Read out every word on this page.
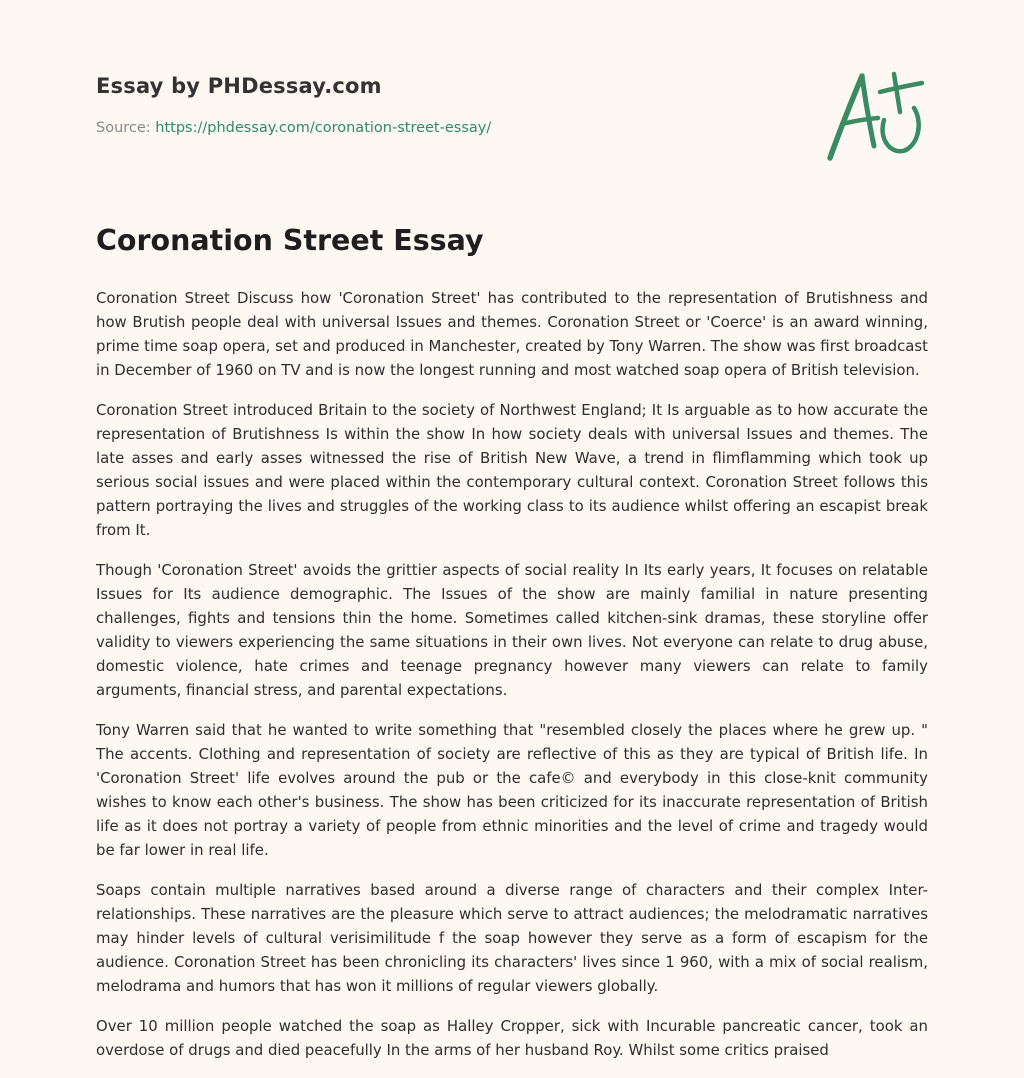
Essay by PHDessay.com
Source: https://phdessay.com/coronation-street-essay/
Coronation Street Essay

Coronation Street Discuss how 'Coronation Street' has contributed to the representation of Brutishness and how Brutish people deal with universal Issues and themes. Coronation Street or 'Coerce' is an award winning, prime time soap opera, set and produced in Manchester, created by Tony Warren. The show was first broadcast in December of 1960 on TV and is now the longest running and most watched soap opera of British television.

Coronation Street introduced Britain to the society of Northwest England; It Is arguable as to how accurate the representation of Brutishness Is within the show In how society deals with universal Issues and themes. The late asses and early asses witnessed the rise of British New Wave, a trend in flimflamming which took up serious social issues and were placed within the contemporary cultural context. Coronation Street follows this pattern portraying the lives and struggles of the working class to its audience whilst offering an escapist break from It.

Though 'Coronation Street' avoids the grittier aspects of social reality In Its early years, It focuses on relatable Issues for Its audience demographic. The Issues of the show are mainly familial in nature presenting challenges, fights and tensions thin the home. Sometimes called kitchen-sink dramas, these storyline offer validity to viewers experiencing the same situations in their own lives. Not everyone can relate to drug abuse, domestic violence, hate crimes and teenage pregnancy however many viewers can relate to family arguments, financial stress, and parental expectations.

Tony Warren said that he wanted to write something that "resembled closely the places where he grew up. " The accents. Clothing and representation of society are reflective of this as they are typical of British life. In 'Coronation Street' life evolves around the pub or the cafe© and everybody in this close-knit community wishes to know each other's business. The show has been criticized for its inaccurate representation of British life as it does not portray a variety of people from ethnic minorities and the level of crime and tragedy would be far lower in real life.

Soaps contain multiple narratives based around a diverse range of characters and their complex Inter-relationships. These narratives are the pleasure which serve to attract audiences; the melodramatic narratives may hinder levels of cultural verisimilitude f the soap however they serve as a form of escapism for the audience. Coronation Street has been chronicling its characters' lives since 1 960, with a mix of social realism, melodrama and humors that has won it millions of regular viewers globally.

Over 10 million people watched the soap as Halley Cropper, sick with Incurable pancreatic cancer, took an overdose of drugs and died peacefully In the arms of her husband Roy. Whilst some critics praised
